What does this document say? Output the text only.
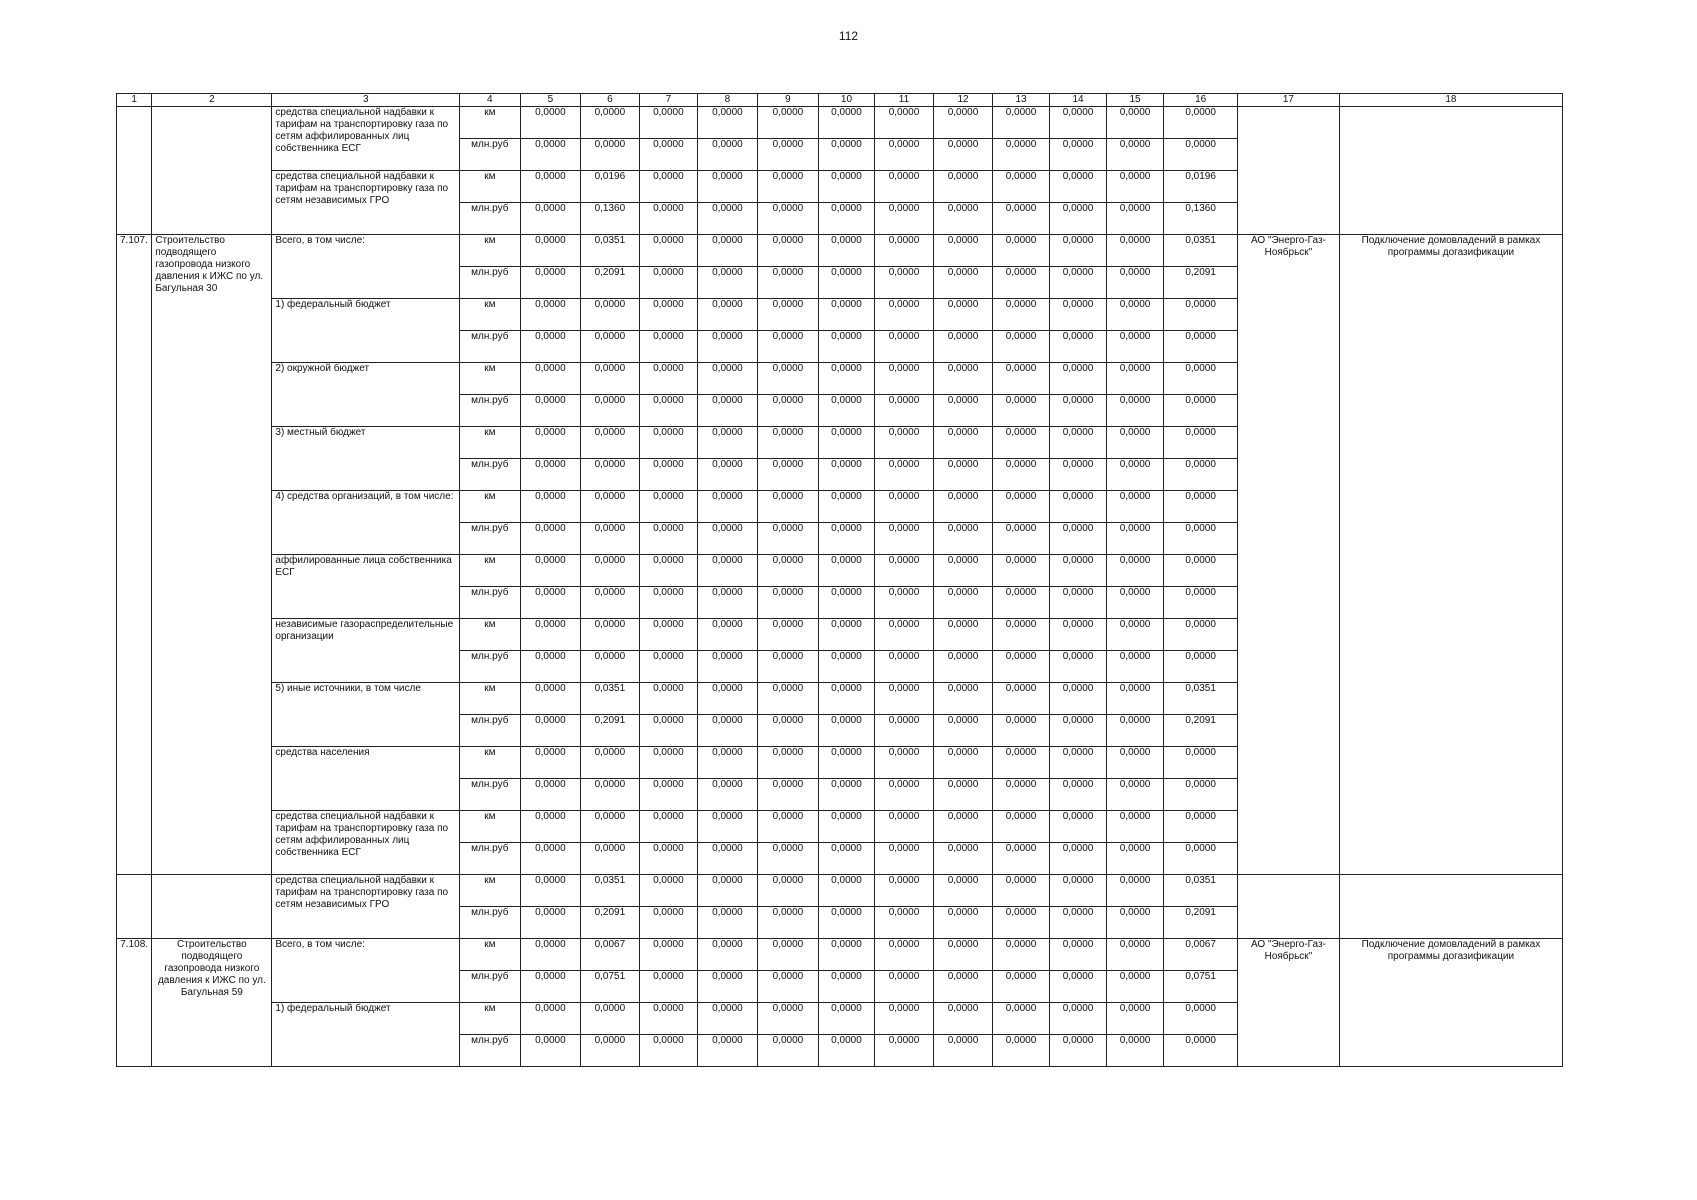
112
1	2	3	4	5	6	7	8	9	10	11	12	13	14	15	16	17	18
		средства специальной надбавки к тарифам на транспортировку газа по сетям аффилированных лиц собственника ЕСГ	км	0,0000	0,0000	0,0000	0,0000	0,0000	0,0000	0,0000	0,0000	0,0000	0,0000	0,0000	0,0000		
			млн.руб	0,0000	0,0000	0,0000	0,0000	0,0000	0,0000	0,0000	0,0000	0,0000	0,0000	0,0000	0,0000		
		средства специальной надбавки к тарифам на транспортировку газа по сетям независимых ГРО	км	0,0000	0,0196	0,0000	0,0000	0,0000	0,0000	0,0000	0,0000	0,0000	0,0000	0,0000	0,0196		
			млн.руб	0,0000	0,1360	0,0000	0,0000	0,0000	0,0000	0,0000	0,0000	0,0000	0,0000	0,0000	0,1360		
7.107.	Строительство подводящего газопровода низкого давления к ИЖС по ул. Багульная 30	Всего, в том числе:	км	0,0000	0,0351	0,0000	0,0000	0,0000	0,0000	0,0000	0,0000	0,0000	0,0000	0,0000	0,0351	АО "Энерго-Газ-Ноябрьск"	Подключение домовладений в рамках программы догазификации
			млн.руб	0,0000	0,2091	0,0000	0,0000	0,0000	0,0000	0,0000	0,0000	0,0000	0,0000	0,0000	0,2091		
		1) федеральный бюджет	км	0,0000	0,0000	0,0000	0,0000	0,0000	0,0000	0,0000	0,0000	0,0000	0,0000	0,0000	0,0000		
			млн.руб	0,0000	0,0000	0,0000	0,0000	0,0000	0,0000	0,0000	0,0000	0,0000	0,0000	0,0000	0,0000		
		2) окружной бюджет	км	0,0000	0,0000	0,0000	0,0000	0,0000	0,0000	0,0000	0,0000	0,0000	0,0000	0,0000	0,0000		
			млн.руб	0,0000	0,0000	0,0000	0,0000	0,0000	0,0000	0,0000	0,0000	0,0000	0,0000	0,0000	0,0000		
		3) местный бюджет	км	0,0000	0,0000	0,0000	0,0000	0,0000	0,0000	0,0000	0,0000	0,0000	0,0000	0,0000	0,0000		
			млн.руб	0,0000	0,0000	0,0000	0,0000	0,0000	0,0000	0,0000	0,0000	0,0000	0,0000	0,0000	0,0000		
		4) средства организаций, в том числе:	км	0,0000	0,0000	0,0000	0,0000	0,0000	0,0000	0,0000	0,0000	0,0000	0,0000	0,0000	0,0000		
			млн.руб	0,0000	0,0000	0,0000	0,0000	0,0000	0,0000	0,0000	0,0000	0,0000	0,0000	0,0000	0,0000		
		аффилированные лица собственника ЕСГ	км	0,0000	0,0000	0,0000	0,0000	0,0000	0,0000	0,0000	0,0000	0,0000	0,0000	0,0000	0,0000		
			млн.руб	0,0000	0,0000	0,0000	0,0000	0,0000	0,0000	0,0000	0,0000	0,0000	0,0000	0,0000	0,0000		
		независимые газораспределительные организации	км	0,0000	0,0000	0,0000	0,0000	0,0000	0,0000	0,0000	0,0000	0,0000	0,0000	0,0000	0,0000		
			млн.руб	0,0000	0,0000	0,0000	0,0000	0,0000	0,0000	0,0000	0,0000	0,0000	0,0000	0,0000	0,0000		
		5) иные источники, в том числе	км	0,0000	0,0351	0,0000	0,0000	0,0000	0,0000	0,0000	0,0000	0,0000	0,0000	0,0000	0,0351		
			млн.руб	0,0000	0,2091	0,0000	0,0000	0,0000	0,0000	0,0000	0,0000	0,0000	0,0000	0,0000	0,2091		
		средства населения	км	0,0000	0,0000	0,0000	0,0000	0,0000	0,0000	0,0000	0,0000	0,0000	0,0000	0,0000	0,0000		
			млн.руб	0,0000	0,0000	0,0000	0,0000	0,0000	0,0000	0,0000	0,0000	0,0000	0,0000	0,0000	0,0000		
		средства специальной надбавки к тарифам на транспортировку газа по сетям аффилированных лиц собственника ЕСГ	км	0,0000	0,0000	0,0000	0,0000	0,0000	0,0000	0,0000	0,0000	0,0000	0,0000	0,0000	0,0000		
			млн.руб	0,0000	0,0000	0,0000	0,0000	0,0000	0,0000	0,0000	0,0000	0,0000	0,0000	0,0000	0,0000		
		средства специальной надбавки к тарифам на транспортировку газа по сетям независимых ГРО	км	0,0000	0,0351	0,0000	0,0000	0,0000	0,0000	0,0000	0,0000	0,0000	0,0000	0,0000	0,0351		
			млн.руб	0,0000	0,2091	0,0000	0,0000	0,0000	0,0000	0,0000	0,0000	0,0000	0,0000	0,0000	0,2091		
7.108.	Строительство подводящего газопровода низкого давления к ИЖС по ул. Багульная 59	Всего, в том числе:	км	0,0000	0,0067	0,0000	0,0000	0,0000	0,0000	0,0000	0,0000	0,0000	0,0000	0,0000	0,0067	АО "Энерго-Газ-Ноябрьск"	Подключение домовладений в рамках программы догазификации
			млн.руб	0,0000	0,0751	0,0000	0,0000	0,0000	0,0000	0,0000	0,0000	0,0000	0,0000	0,0000	0,0751		
		1) федеральный бюджет	км	0,0000	0,0000	0,0000	0,0000	0,0000	0,0000	0,0000	0,0000	0,0000	0,0000	0,0000	0,0000		
			млн.руб	0,0000	0,0000	0,0000	0,0000	0,0000	0,0000	0,0000	0,0000	0,0000	0,0000	0,0000	0,0000		
